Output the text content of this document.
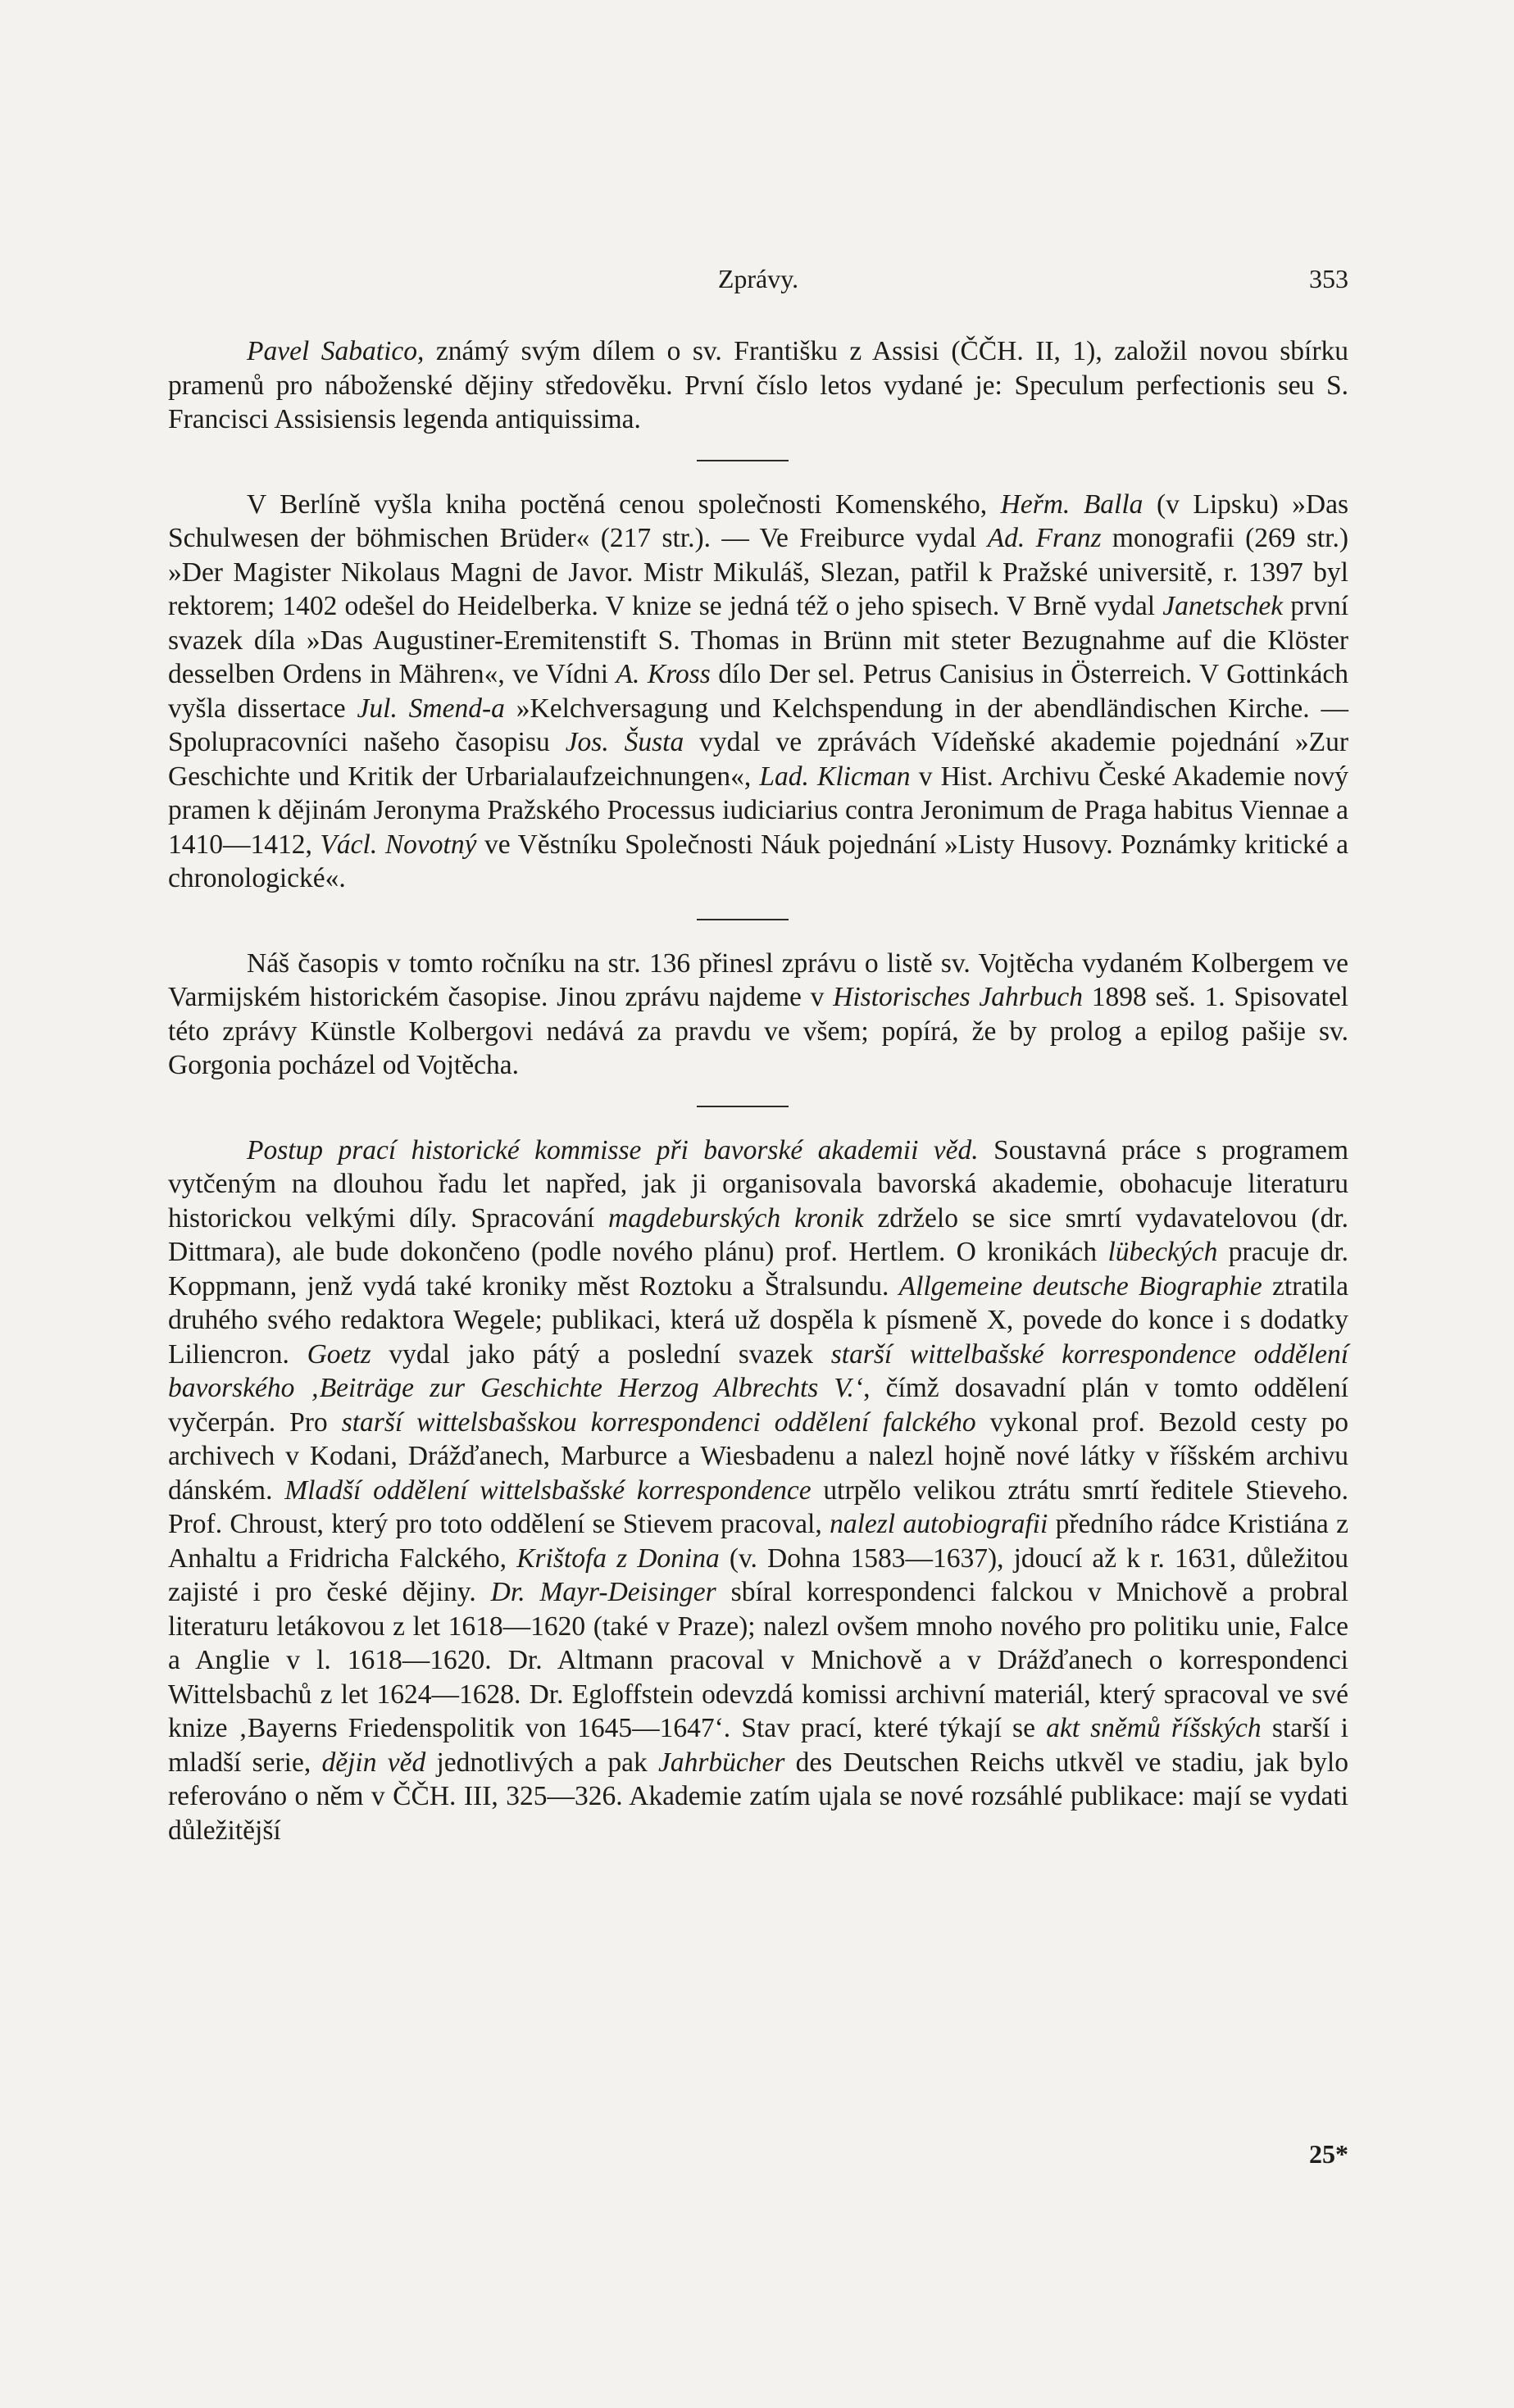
Zprávy.	353

Pavel Sabatico, známý svým dílem o sv. Františku z Assisi (ČČH. II, 1), založil novou sbírku pramenů pro náboženské dějiny středověku. První číslo letos vydané je: Speculum perfectionis seu S. Francisci Assisiensis legenda antiquissima.

V Berlíně vyšla kniha poctěná cenou společnosti Komenského, Heřm. Balla (v Lipsku) »Das Schulwesen der böhmischen Brüder« (217 str.). — Ve Freiburce vydal Ad. Franz monografii (269 str.) »Der Magister Nikolaus Magni de Javor. Mistr Mikuláš, Slezan, patřil k Pražské universitě, r. 1397 byl rektorem; 1402 odešel do Heidelberka. V knize se jedná též o jeho spisech. V Brně vydal Janetschek první svazek díla »Das Augustiner-Eremitenstift S. Thomas in Brünn mit steter Bezugnahme auf die Klöster desselben Ordens in Mähren«, ve Vídni A. Kross dílo Der sel. Petrus Canisius in Österreich. V Gottinkách vyšla dissertace Jul. Smend-a »Kelchversagung und Kelchspendung in der abendländischen Kirche. — Spolupracovníci našeho časopisu Jos. Šusta vydal ve zprávách Vídeňské akademie pojednání »Zur Geschichte und Kritik der Urbarialaufzeichnungen«, Lad. Klicman v Hist. Archivu České Akademie nový pramen k dějinám Jeronyma Pražského Processus iudiciarius contra Jeronimum de Praga habitus Viennae a 1410—1412, Václ. Novotný ve Věstníku Společnosti Náuk pojednání »Listy Husovy. Poznámky kritické a chronologické«.

Náš časopis v tomto ročníku na str. 136 přinesl zprávu o listě sv. Vojtěcha vydaném Kolbergem ve Varmijském historickém časopise. Jinou zprávu najdeme v Historisches Jahrbuch 1898 seš. 1. Spisovatel této zprávy Künstle Kolbergovi nedává za pravdu ve všem; popírá, že by prolog a epilog pašije sv. Gorgonia pocházel od Vojtěcha.

Postup prací historické kommisse při bavorské akademii věd. Soustavná práce s programem vytčeným na dlouhou řadu let napřed, jak ji organisovala bavorská akademie, obohacuje literaturu historickou velkými díly. Spracování magdeburských kronik zdrželo se sice smrtí vydavatelovou (dr. Dittmara), ale bude dokončeno (podle nového plánu) prof. Hertlem. O kronikách lübeckých pracuje dr. Koppmann, jenž vydá také kroniky měst Roztoku a Štralsundu. Allgemeine deutsche Biographie ztratila druhého svého redaktora Wegele; publikaci, která už dospěla k písmeně X, povede do konce i s dodatky Liliencron. Goetz vydal jako pátý a poslední svazek starší wittelbašské korrespondence oddělení bavorského ‚Beiträge zur Geschichte Herzog Albrechts V.‘, čímž dosavadní plán v tomto oddělení vyčerpán. Pro starší wittelsbašskou korrespondenci oddělení falckého vykonal prof. Bezold cesty po archivech v Kodani, Drážďanech, Marburce a Wiesbadenu a nalezl hojně nové látky v říšském archivu dánském. Mladší oddělení wittelsbašské korrespondence utrpělo velikou ztrátu smrtí ředitele Stieveho. Prof. Chroust, který pro toto oddělení se Stievem pracoval, nalezl autobiografii předního rádce Kristiána z Anhaltu a Fridricha Falckého, Krištofa z Donina (v. Dohna 1583—1637), jdoucí až k r. 1631, důležitou zajisté i pro české dějiny. Dr. Mayr-Deisinger sbíral korrespondenci falckou v Mnichově a probral literaturu letákovou z let 1618—1620 (také v Praze); nalezl ovšem mnoho nového pro politiku unie, Falce a Anglie v l. 1618—1620. Dr. Altmann pracoval v Mnichově a v Drážďanech o korrespondenci Wittelsbachů z let 1624—1628. Dr. Egloffstein odevzdá komissi archivní materiál, který spracoval ve své knize ‚Bayerns Friedenspolitik von 1645—1647‘. Stav prací, které týkají se akt sněmů říšských starší i mladší serie, dějin věd jednotlivých a pak Jahrbücher des Deutschen Reichs utkvěl ve stadiu, jak bylo referováno o něm v ČČH. III, 325—326. Akademie zatím ujala se nové rozsáhlé publikace: mají se vydati důležitější

25*
